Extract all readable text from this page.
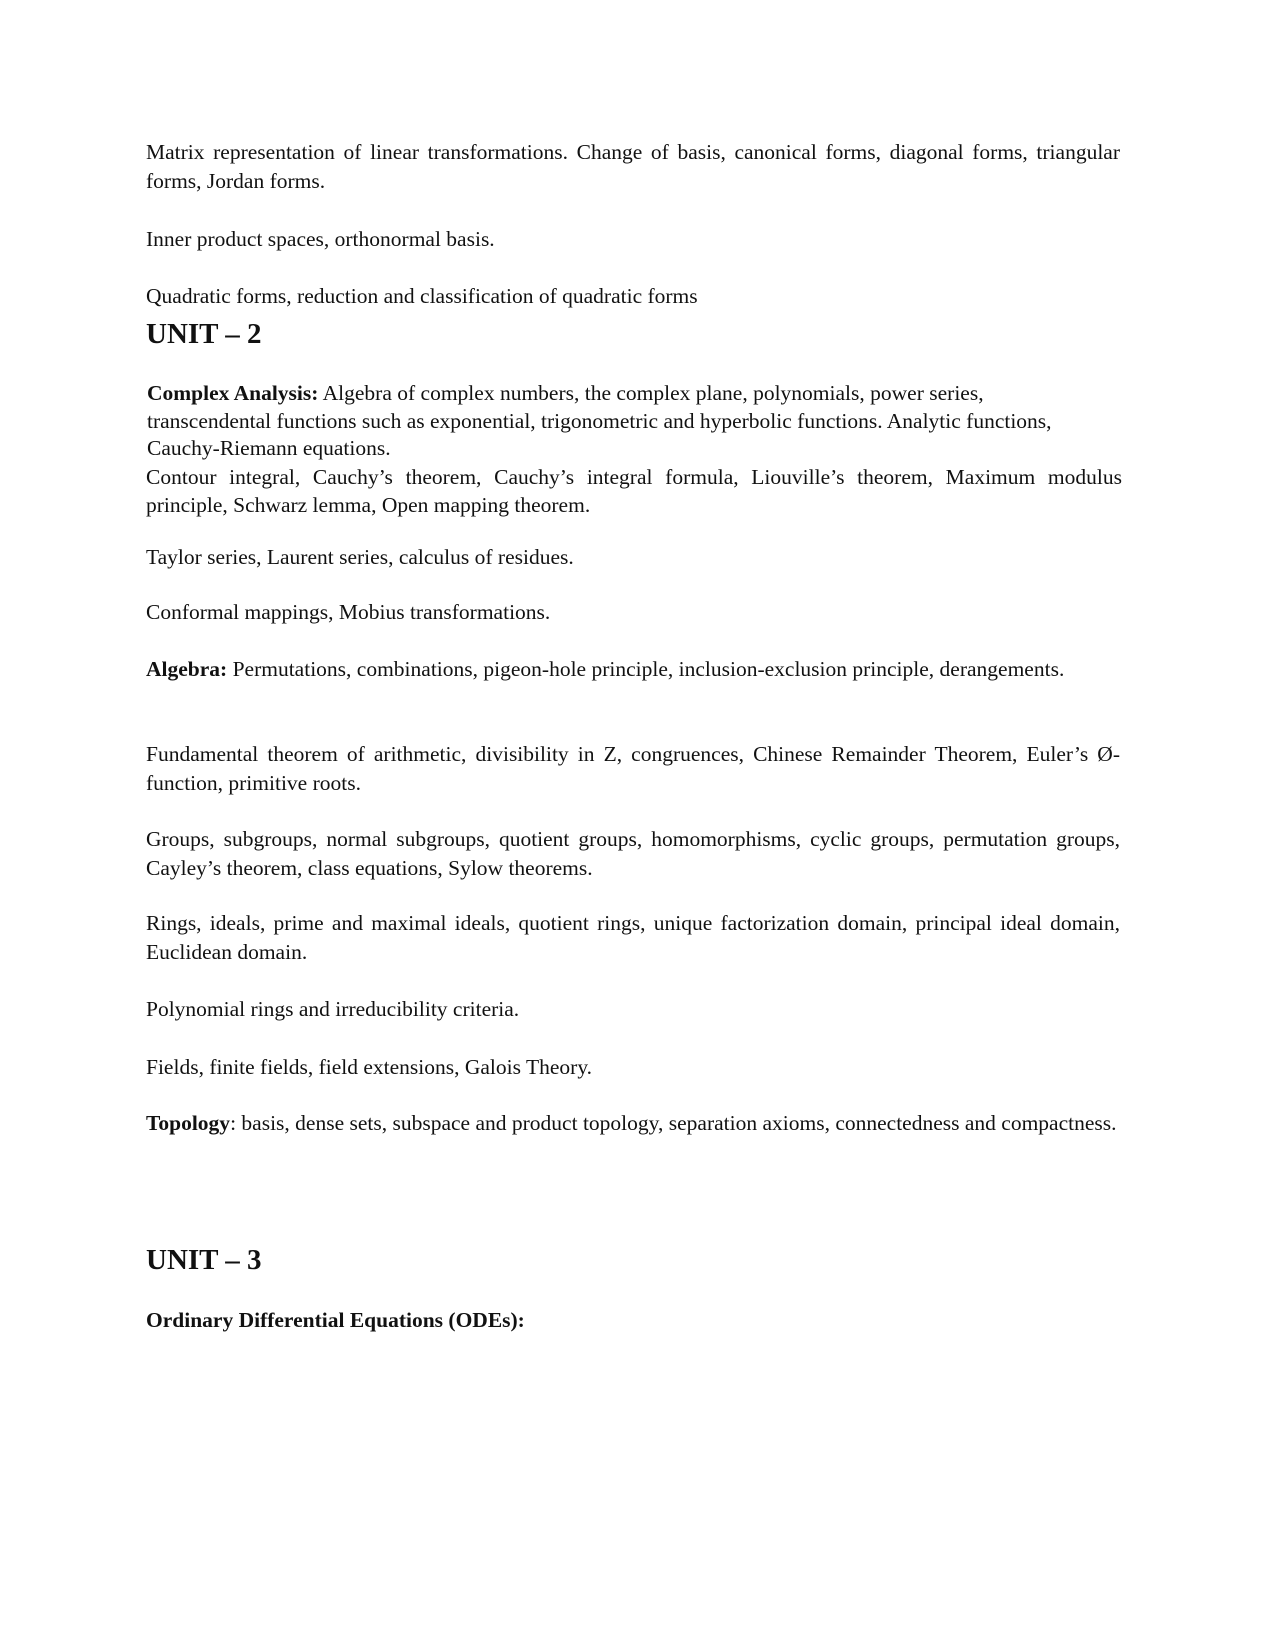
Matrix representation of linear transformations. Change of basis, canonical forms, diagonal forms, triangular forms, Jordan forms.
Inner product spaces, orthonormal basis.
Quadratic forms, reduction and classification of quadratic forms
UNIT – 2
Complex Analysis: Algebra of complex numbers, the complex plane, polynomials, power series, transcendental functions such as exponential, trigonometric and hyperbolic functions. Analytic functions, Cauchy-Riemann equations.
Contour integral, Cauchy’s theorem, Cauchy’s integral formula, Liouville’s theorem, Maximum modulus principle, Schwarz lemma, Open mapping theorem.
Taylor series, Laurent series, calculus of residues.
Conformal mappings, Mobius transformations.
Algebra: Permutations, combinations, pigeon-hole principle, inclusion-exclusion principle, derangements.
Fundamental theorem of arithmetic, divisibility in Z, congruences, Chinese Remainder Theorem, Euler’s Ø- function, primitive roots.
Groups, subgroups, normal subgroups, quotient groups, homomorphisms, cyclic groups, permutation groups, Cayley’s theorem, class equations, Sylow theorems.
Rings, ideals, prime and maximal ideals, quotient rings, unique factorization domain, principal ideal domain, Euclidean domain.
Polynomial rings and irreducibility criteria.
Fields, finite fields, field extensions, Galois Theory.
Topology: basis, dense sets, subspace and product topology, separation axioms, connectedness and compactness.
UNIT – 3
Ordinary Differential Equations (ODEs):
